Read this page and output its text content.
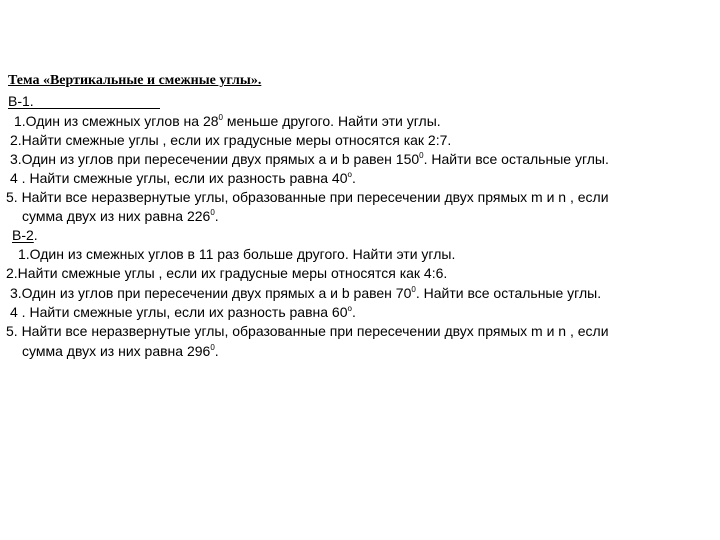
Тема «Вертикальные и смежные углы».
В-1.
1.Один из смежных углов на $28^0$ меньше другого. Найти эти углы.
2.Найти смежные углы , если их градусные меры относятся как 2:7.
3.Один из углов при пересечении двух прямых a и b равен $150^0$. Найти все остальные углы.
4 . Найти смежные углы, если их разность равна $40^о$.
5. Найти все неразвернутые углы, образованные при пересечении двух прямых m и n , если
сумма двух из них равна $226^0$.
В-2.
1.Один из смежных углов в 11 раз больше другого. Найти эти углы.
2.Найти смежные углы , если их градусные меры относятся как 4:6.
3.Один из углов при пересечении двух прямых a и b равен $70^0$. Найти все остальные углы.
4 . Найти смежные углы, если их разность равна $60^о$.
5. Найти все неразвернутые углы, образованные при пересечении двух прямых m и n , если
сумма двух из них равна $296^0$.
